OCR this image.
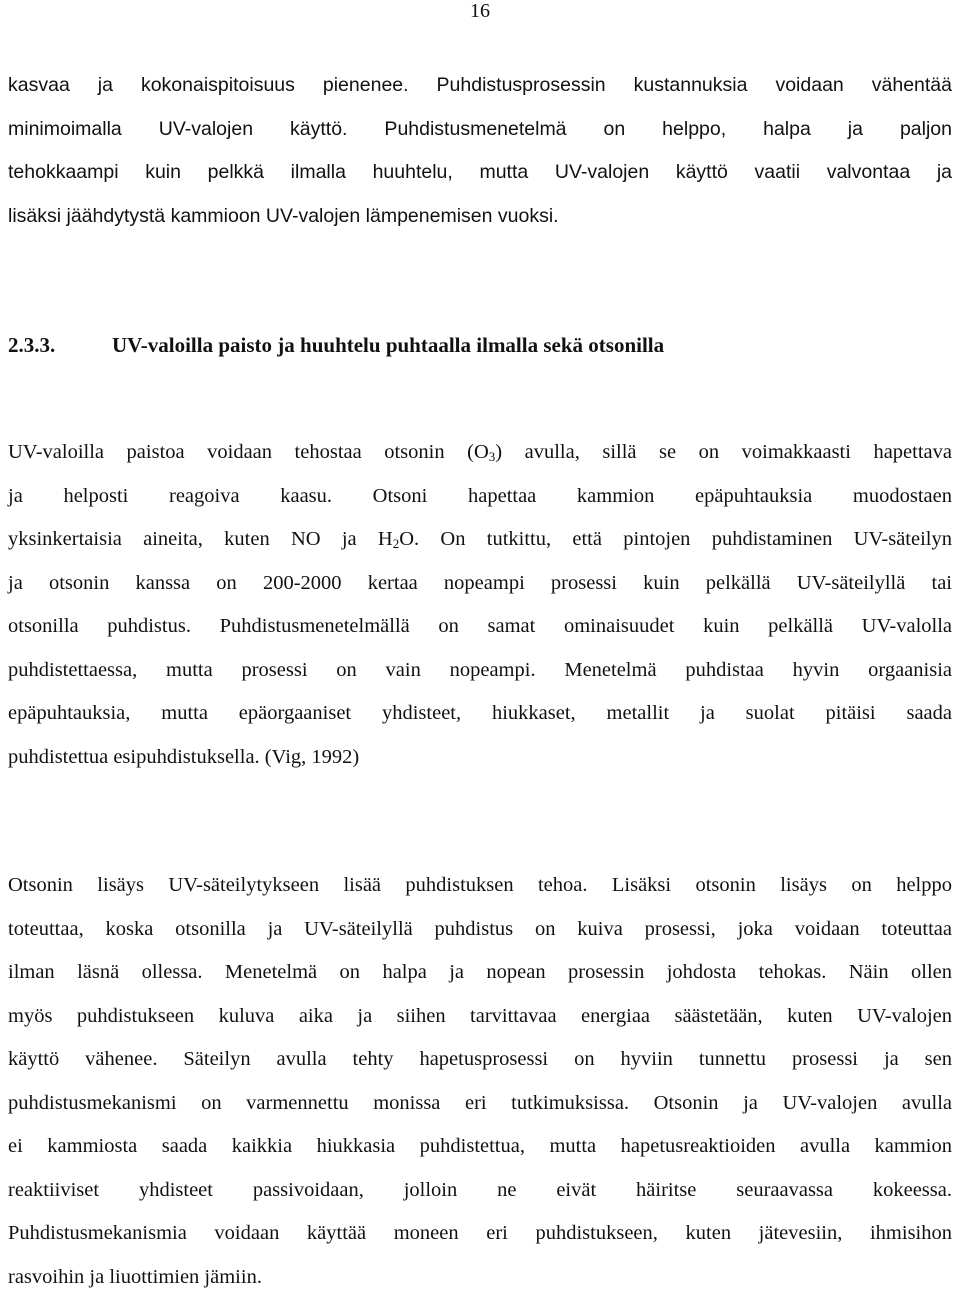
16
kasvaa ja kokonaispitoisuus pienenee. Puhdistusprosessin kustannuksia voidaan vähentää
minimoimalla UV-valojen käyttö. Puhdistusmenetelmä on helppo, halpa ja paljon
tehokkaampi kuin pelkkä ilmalla huuhtelu, mutta UV-valojen käyttö vaatii valvontaa ja
lisäksi jäähdytystä kammioon UV-valojen lämpenemisen vuoksi.
2.3.3.	UV-valoilla paisto ja huuhtelu puhtaalla ilmalla sekä otsonilla
UV-valoilla paistoa voidaan tehostaa otsonin $(O_3)$ avulla, sillä se on voimakkaasti hapettava
ja helposti reagoiva kaasu. Otsoni hapettaa kammion epäpuhtauksia muodostaen
yksinkertaisia aineita, kuten NO ja $H_2O$. On tutkittu, että pintojen puhdistaminen UV-säteilyn
ja otsonin kanssa on 200-2000 kertaa nopeampi prosessi kuin pelkällä UV-säteilyllä tai
otsonilla puhdistus. Puhdistusmenetelmällä on samat ominaisuudet kuin pelkällä UV-valolla
puhdistettaessa, mutta prosessi on vain nopeampi. Menetelmä puhdistaa hyvin orgaanisia
epäpuhtauksia, mutta epäorgaaniset yhdisteet, hiukkaset, metallit ja suolat pitäisi saada
puhdistettua esipuhdistuksella. (Vig, 1992)
Otsonin lisäys UV-säteilytykseen lisää puhdistuksen tehoa. Lisäksi otsonin lisäys on helppo
toteuttaa, koska otsonilla ja UV-säteilyllä puhdistus on kuiva prosessi, joka voidaan toteuttaa
ilman läsnä ollessa. Menetelmä on halpa ja nopean prosessin johdosta tehokas. Näin ollen
myös puhdistukseen kuluva aika ja siihen tarvittavaa energiaa säästetään, kuten UV-valojen
käyttö vähenee. Säteilyn avulla tehty hapetusprosessi on hyviin tunnettu prosessi ja sen
puhdistusmekanismi on varmennettu monissa eri tutkimuksissa. Otsonin ja UV-valojen avulla
ei kammiosta saada kaikkia hiukkasia puhdistettua, mutta hapetusreaktioiden avulla kammion
reaktiiviset yhdisteet passivoidaan, jolloin ne eivät häiritse seuraavassa kokeessa.
Puhdistusmekanismia voidaan käyttää moneen eri puhdistukseen, kuten jätevesiin, ihmisihon
rasvoihin ja liuottimien jämiin.
